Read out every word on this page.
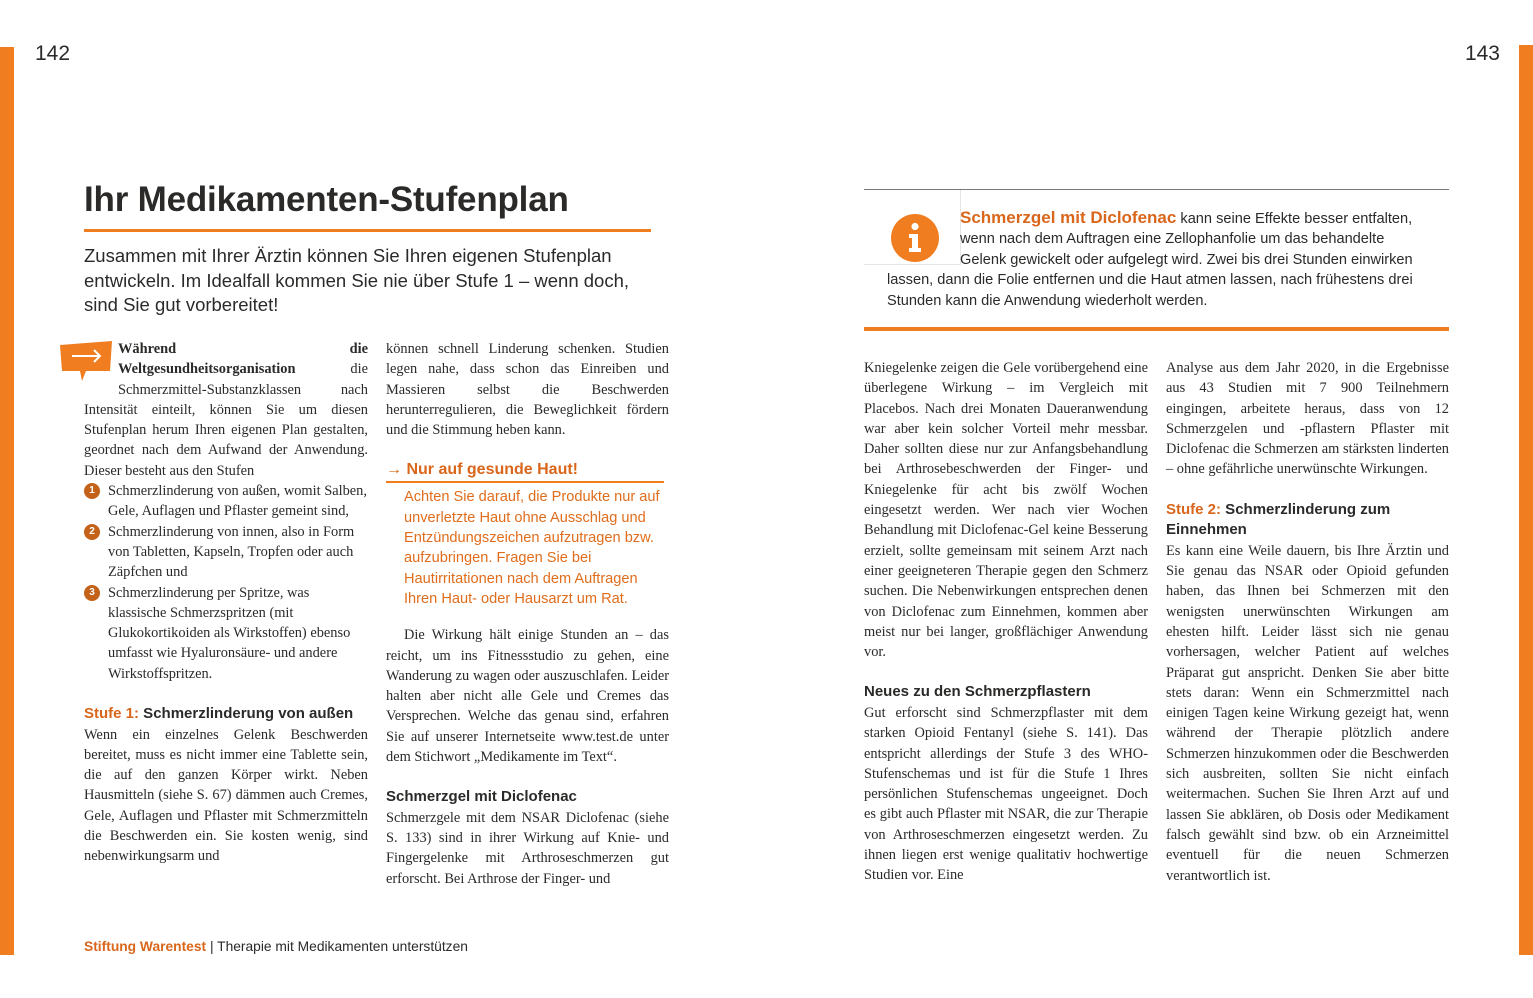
142	143
Ihr Medikamenten-Stufenplan

Zusammen mit Ihrer Ärztin können Sie Ihren eigenen Stufenplan entwickeln. Im Idealfall kommen Sie nie über Stufe 1 – wenn doch, sind Sie gut vorbereitet!

Während die Weltgesundheitsorganisation die Schmerzmittel-Substanzklassen nach Intensität einteilt, können Sie um diesen Stufenplan herum Ihren eigenen Plan gestalten, geordnet nach dem Aufwand der Anwendung. Dieser besteht aus den Stufen

1 Schmerzlinderung von außen, womit Salben, Gele, Auflagen und Pflaster gemeint sind,
2 Schmerzlinderung von innen, also in Form von Tabletten, Kapseln, Tropfen oder auch Zäpfchen und
3 Schmerzlinderung per Spritze, was klassische Schmerzspritzen (mit Glukokortikoiden als Wirkstoffen) ebenso umfasst wie Hyaluronsäure- und andere Wirkstoffspritzen.
Stufe 1: Schmerzlinderung von außen

Wenn ein einzelnes Gelenk Beschwerden bereitet, muss es nicht immer eine Tablette sein, die auf den ganzen Körper wirkt. Neben Hausmitteln (siehe S. 67) dämmen auch Cremes, Gele, Auflagen und Pflaster mit Schmerzmitteln die Beschwerden ein. Sie kosten wenig, sind nebenwirkungsarm und

können schnell Linderung schenken. Studien legen nahe, dass schon das Einreiben und Massieren selbst die Beschwerden herunterregulieren, die Beweglichkeit fördern und die Stimmung heben kann.

→ Nur auf gesunde Haut!
Achten Sie darauf, die Produkte nur auf unverletzte Haut ohne Ausschlag und Entzündungszeichen aufzutragen bzw. aufzubringen. Fragen Sie bei Hautirritationen nach dem Auftragen Ihren Haut- oder Hausarzt um Rat.

Die Wirkung hält einige Stunden an – das reicht, um ins Fitnessstudio zu gehen, eine Wanderung zu wagen oder auszuschlafen. Leider halten aber nicht alle Gele und Cremes das Versprechen. Welche das genau sind, erfahren Sie auf unserer Internetseite www.test.de unter dem Stichwort „Medikamente im Text“.

Schmerzgel mit Diclofenac

Schmerzgele mit dem NSAR Diclofenac (siehe S. 133) sind in ihrer Wirkung auf Knie- und Fingergelenke mit Arthroseschmerzen gut erforscht. Bei Arthrose der Finger- und

Schmerzgel mit Diclofenac kann seine Effekte besser entfalten, wenn nach dem Auftragen eine Zellophanfolie um das behandelte Gelenk gewickelt oder aufgelegt wird. Zwei bis drei Stunden einwirken lassen, dann die Folie entfernen und die Haut atmen lassen, nach frühestens drei Stunden kann die Anwendung wiederholt werden.

Kniegelenke zeigen die Gele vorübergehend eine überlegene Wirkung – im Vergleich mit Placebos. Nach drei Monaten Daueranwendung war aber kein solcher Vorteil mehr messbar. Daher sollten diese nur zur Anfangsbehandlung bei Arthrosebeschwerden der Finger- und Kniegelenke für acht bis zwölf Wochen eingesetzt werden. Wer nach vier Wochen Behandlung mit Diclofenac-Gel keine Besserung erzielt, sollte gemeinsam mit seinem Arzt nach einer geeigneteren Therapie gegen den Schmerz suchen. Die Nebenwirkungen entsprechen denen von Diclofenac zum Einnehmen, kommen aber meist nur bei langer, großflächiger Anwendung vor.

Neues zu den Schmerzpflastern

Gut erforscht sind Schmerzpflaster mit dem starken Opioid Fentanyl (siehe S. 141). Das entspricht allerdings der Stufe 3 des WHO-Stufenschemas und ist für die Stufe 1 Ihres persönlichen Stufenschemas ungeeignet. Doch es gibt auch Pflaster mit NSAR, die zur Therapie von Arthroseschmerzen eingesetzt werden. Zu ihnen liegen erst wenige qualitativ hochwertige Studien vor. Eine

Analyse aus dem Jahr 2020, in die Ergebnisse aus 43 Studien mit 7 900 Teilnehmern eingingen, arbeitete heraus, dass von 12 Schmerzgelen und -pflastern Pflaster mit Diclofenac die Schmerzen am stärksten linderten – ohne gefährliche unerwünschte Wirkungen.

Stufe 2: Schmerzlinderung zum Einnehmen

Es kann eine Weile dauern, bis Ihre Ärztin und Sie genau das NSAR oder Opioid gefunden haben, das Ihnen bei Schmerzen mit den wenigsten unerwünschten Wirkungen am ehesten hilft. Leider lässt sich nie genau vorhersagen, welcher Patient auf welches Präparat gut anspricht. Denken Sie aber bitte stets daran: Wenn ein Schmerzmittel nach einigen Tagen keine Wirkung gezeigt hat, wenn während der Therapie plötzlich andere Schmerzen hinzukommen oder die Beschwerden sich ausbreiten, sollten Sie nicht einfach weitermachen. Suchen Sie Ihren Arzt auf und lassen Sie abklären, ob Dosis oder Medikament falsch gewählt sind bzw. ob ein Arzneimittel eventuell für die neuen Schmerzen verantwortlich ist.

Stiftung Warentest | Therapie mit Medikamenten unterstützen
